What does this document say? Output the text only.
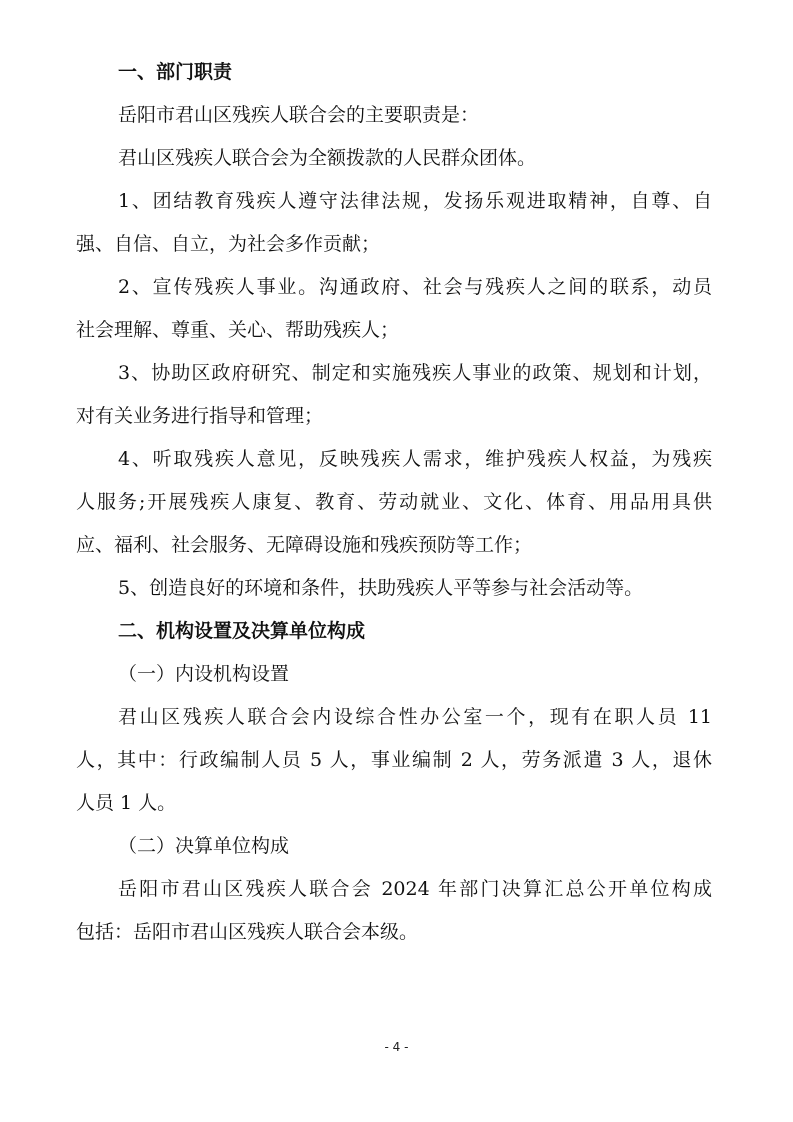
一、部门职责
岳阳市君山区残疾人联合会的主要职责是：
君山区残疾人联合会为全额拨款的人民群众团体。
1、团结教育残疾人遵守法律法规，发扬乐观进取精神，自尊、自
强、自信、自立，为社会多作贡献；
2、宣传残疾人事业。沟通政府、社会与残疾人之间的联系，动员
社会理解、尊重、关心、帮助残疾人；
3、协助区政府研究、制定和实施残疾人事业的政策、规划和计划，
对有关业务进行指导和管理；
4、听取残疾人意见，反映残疾人需求，维护残疾人权益，为残疾
人服务;开展残疾人康复、教育、劳动就业、文化、体育、用品用具供
应、福利、社会服务、无障碍设施和残疾预防等工作；
5、创造良好的环境和条件，扶助残疾人平等参与社会活动等。
二、机构设置及决算单位构成
（一）内设机构设置
君山区残疾人联合会内设综合性办公室一个，现有在职人员 11
人，其中：行政编制人员 5 人，事业编制 2 人，劳务派遣 3 人，退休
人员 1 人。
（二）决算单位构成
岳阳市君山区残疾人联合会 2024 年部门决算汇总公开单位构成
包括：岳阳市君山区残疾人联合会本级。
- 4 -
